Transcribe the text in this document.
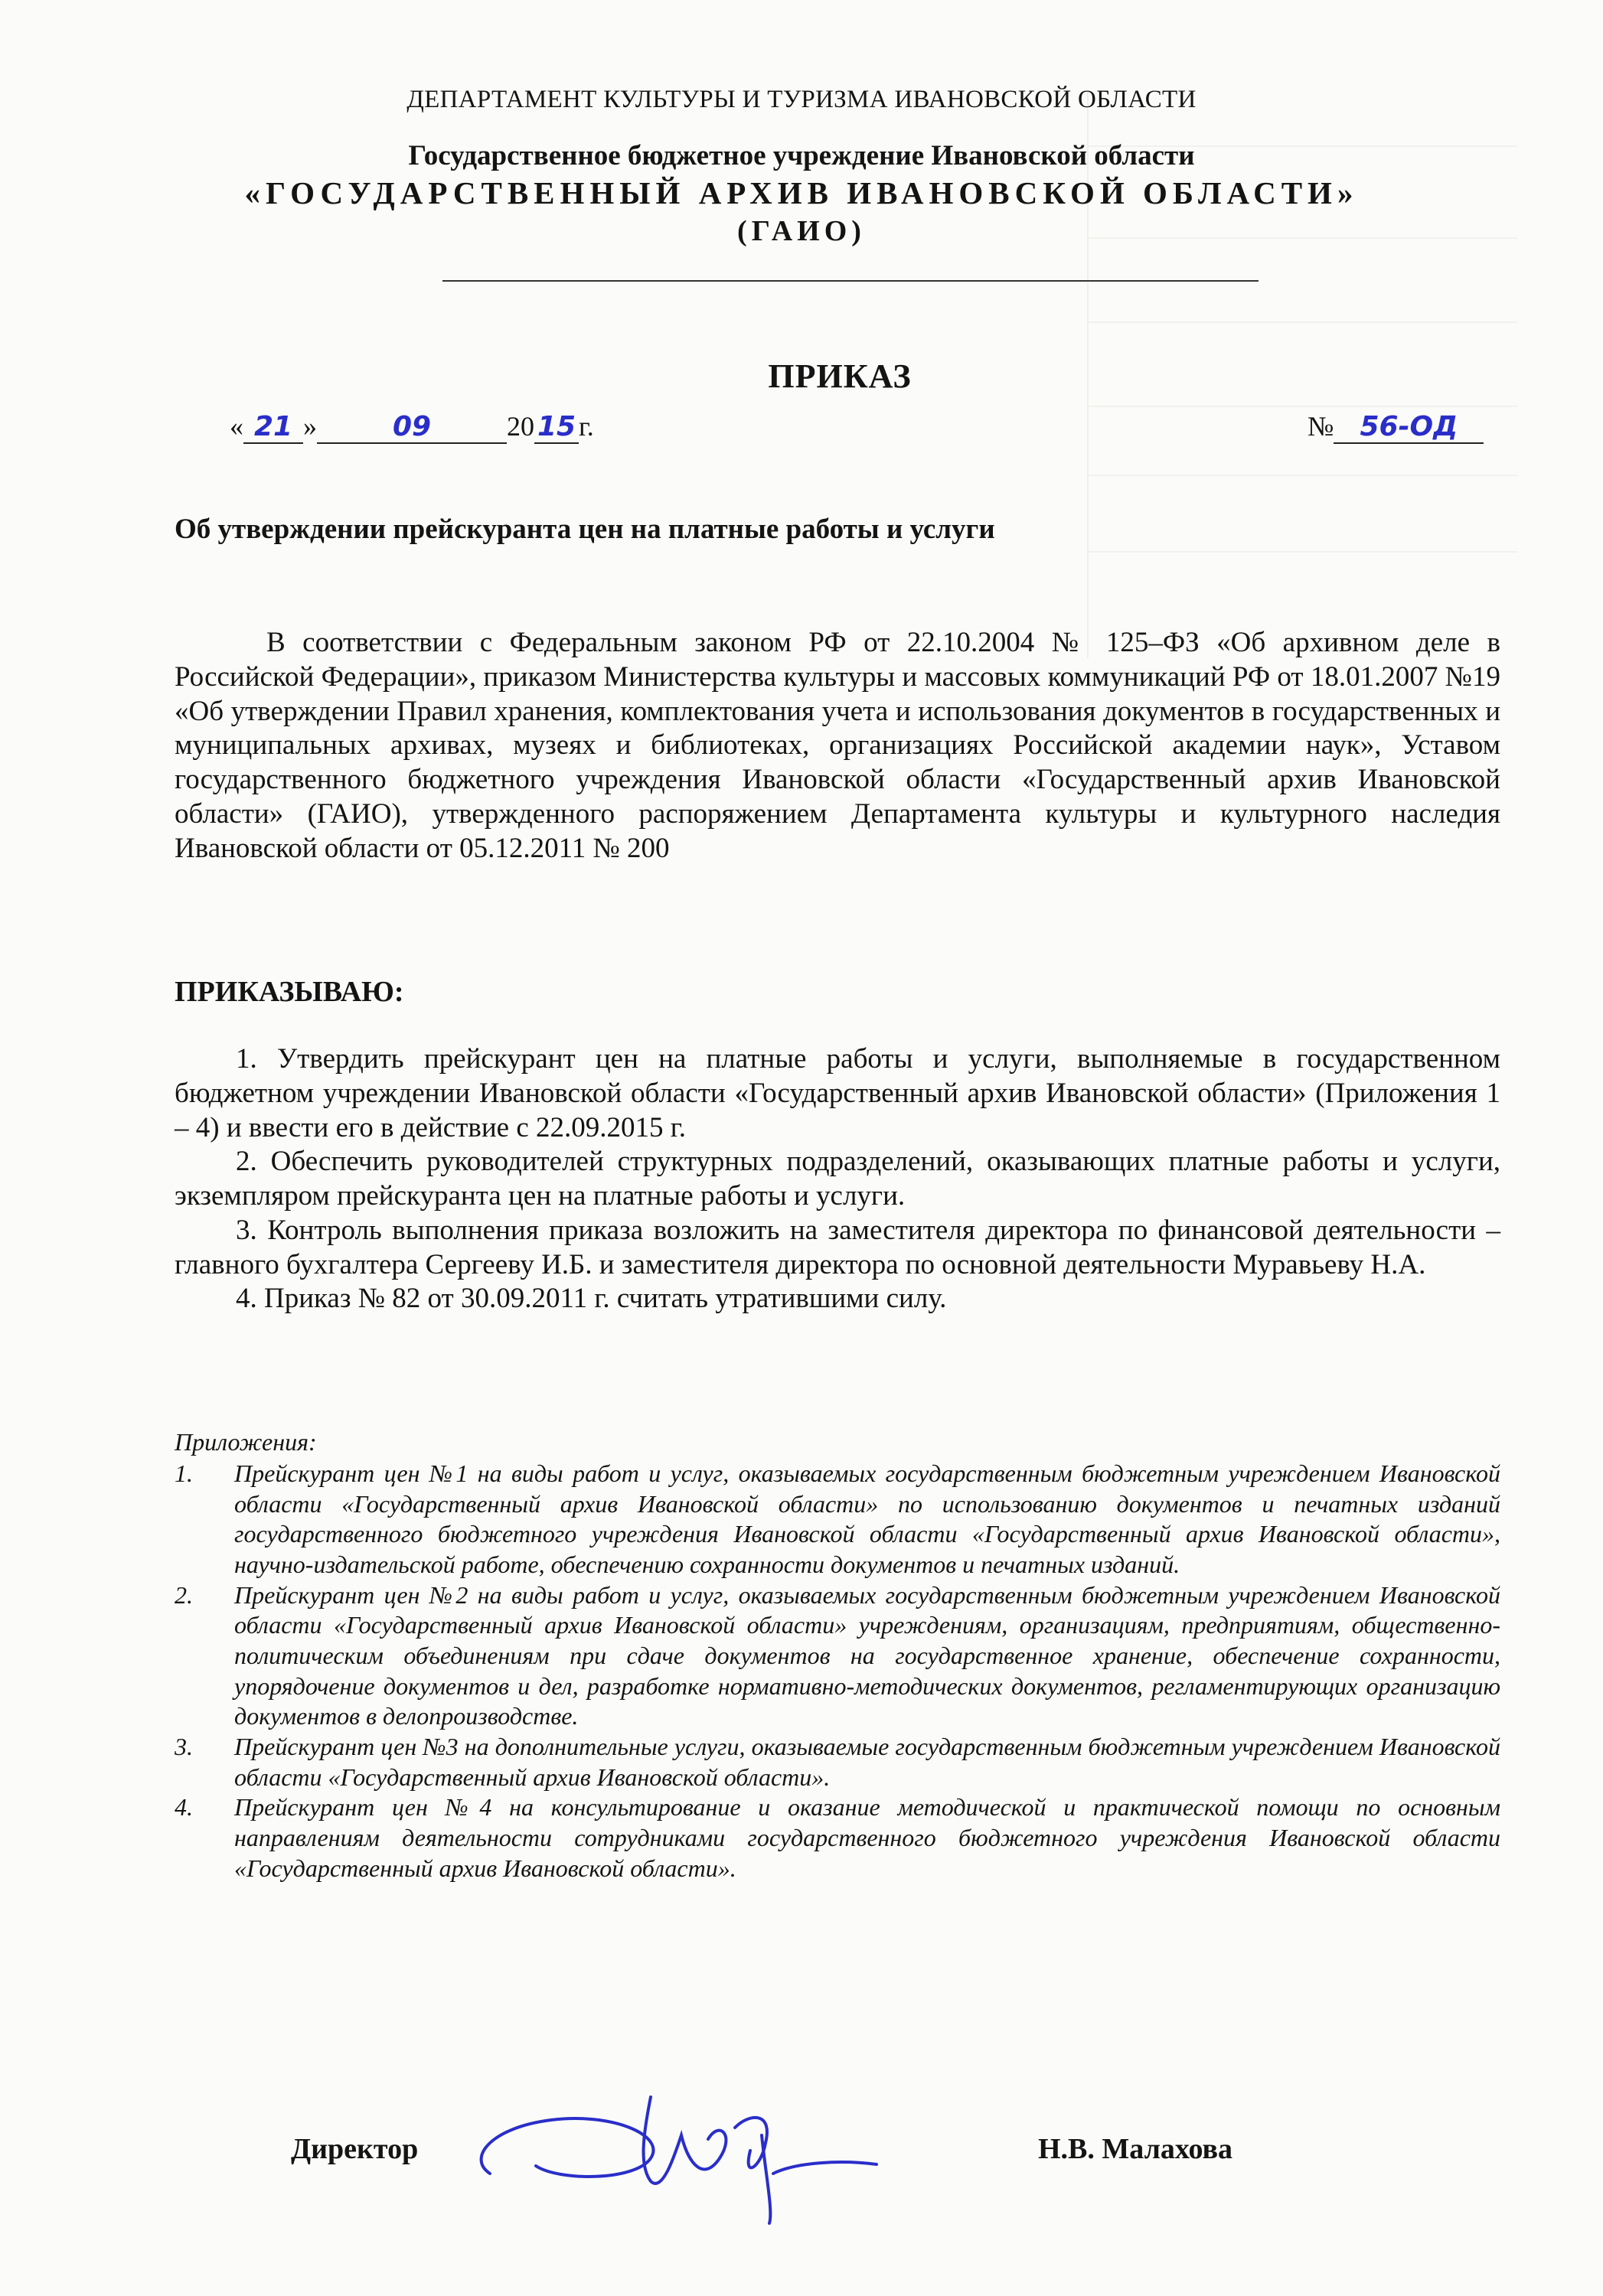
ДЕПАРТАМЕНТ КУЛЬТУРЫ И ТУРИЗМА ИВАНОВСКОЙ ОБЛАСТИ
Государственное бюджетное учреждение Ивановской области
«ГОСУДАРСТВЕННЫЙ АРХИВ ИВАНОВСКОЙ ОБЛАСТИ»
(ГАИО)
ПРИКАЗ
« 21 »	09	20 15 г.	№ 56-ОД
Об утверждении прейскуранта цен на платные работы и услуги

В соответствии с Федеральным законом РФ от 22.10.2004 № 125–ФЗ «Об архивном деле в Российской Федерации», приказом Министерства культуры и массовых коммуникаций РФ от 18.01.2007 №19 «Об утверждении Правил хранения, комплектования учета и использования документов в государственных и муниципальных архивах, музеях и библиотеках, организациях Российской академии наук», Уставом государственного бюджетного учреждения Ивановской области «Государственный архив Ивановской области» (ГАИО), утвержденного распоряжением Департамента культуры и культурного наследия Ивановской области от 05.12.2011 № 200

ПРИКАЗЫВАЮ:

1. Утвердить прейскурант цен на платные работы и услуги, выполняемые в государственном бюджетном учреждении Ивановской области «Государственный архив Ивановской области» (Приложения 1 – 4) и ввести его в действие с 22.09.2015 г.

2. Обеспечить руководителей структурных подразделений, оказывающих платные работы и услуги, экземпляром прейскуранта цен на платные работы и услуги.

3. Контроль выполнения приказа возложить на заместителя директора по финансовой деятельности – главного бухгалтера Сергееву И.Б. и заместителя директора по основной деятельности Муравьеву Н.А.

4. Приказ № 82 от 30.09.2011 г. считать утратившими силу.

Приложения:

1. Прейскурант цен №1 на виды работ и услуг, оказываемых государственным бюджетным учреждением Ивановской области «Государственный архив Ивановской области» по использованию документов и печатных изданий государственного бюджетного учреждения Ивановской области «Государственный архив Ивановской области», научно-издательской работе, обеспечению сохранности документов и печатных изданий.

2. Прейскурант цен №2 на виды работ и услуг, оказываемых государственным бюджетным учреждением Ивановской области «Государственный архив Ивановской области» учреждениям, организациям, предприятиям, общественно-политическим объединениям при сдаче документов на государственное хранение, обеспечение сохранности, упорядочение документов и дел, разработке нормативно-методических документов, регламентирующих организацию документов в делопроизводстве.

3. Прейскурант цен №3 на дополнительные услуги, оказываемые государственным бюджетным учреждением Ивановской области «Государственный архив Ивановской области».

4. Прейскурант цен №4 на консультирование и оказание методической и практической помощи по основным направлениям деятельности сотрудниками государственного бюджетного учреждения Ивановской области «Государственный архив Ивановской области».

Директор	Н.В. Малахова
